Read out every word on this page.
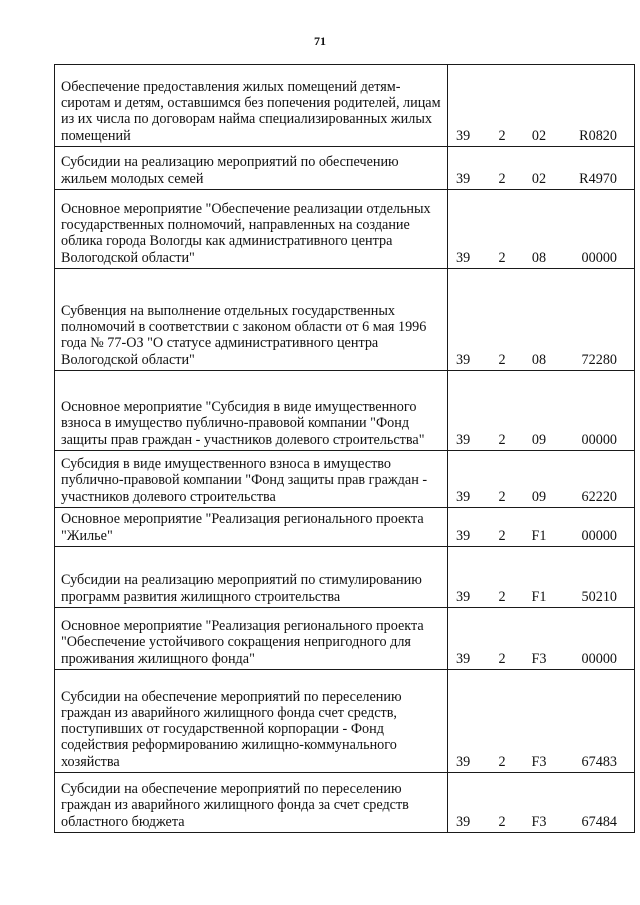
71
Обеспечение предоставления жилых помещений детям-сиротам и детям, оставшимся без попечения родителей, лицам из их числа по договорам найма специализированных жилых помещений	39 2 02 R0820
Субсидии на реализацию мероприятий по обеспечению жильем молодых семей	39 2 02 R4970
Основное мероприятие "Обеспечение реализации отдельных государственных полномочий, направленных на создание облика города Вологды как административного центра Вологодской области"	39 2 08 00000
Субвенция на выполнение отдельных государственных полномочий в соответствии с законом области от 6 мая 1996 года № 77-ОЗ "О статусе административного центра Вологодской области"	39 2 08 72280
Основное мероприятие "Субсидия в виде имущественного взноса в имущество публично-правовой компании "Фонд защиты прав граждан - участников долевого строительства"	39 2 09 00000
Субсидия в виде имущественного взноса в имущество публично-правовой компании "Фонд защиты прав граждан - участников долевого строительства	39 2 09 62220
Основное мероприятие "Реализация регионального проекта "Жилье"	39 2 F1 00000
Субсидии на реализацию мероприятий по стимулированию программ развития жилищного строительства	39 2 F1 50210
Основное мероприятие "Реализация регионального проекта "Обеспечение устойчивого сокращения непригодного для проживания жилищного фонда"	39 2 F3 00000
Субсидии на обеспечение мероприятий по переселению граждан из аварийного жилищного фонда счет средств, поступивших от государственной корпорации - Фонд содействия реформированию жилищно-коммунального хозяйства	39 2 F3 67483
Субсидии на обеспечение мероприятий по переселению граждан из аварийного жилищного фонда за счет средств областного бюджета	39 2 F3 67484
